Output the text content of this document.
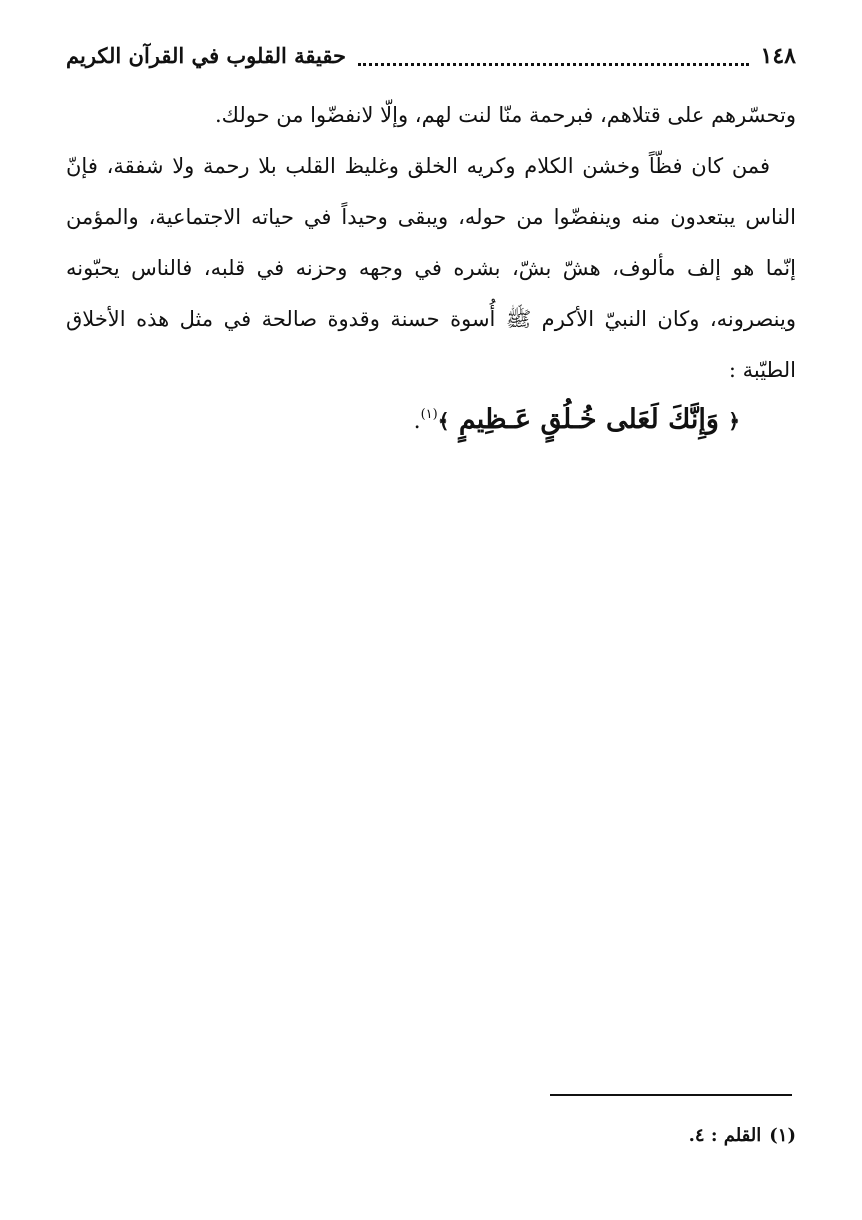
١٤٨
حقيقة القلوب في القرآن الكريم

وتحسّرهم على قتلاهم، فبرحمة منّا لنت لهم، وإلّا لانفضّوا من حولك.

فمن كان فظّاً وخشن الكلام وكريه الخلق وغليظ القلب بلا رحمة ولا شفقة، فإنّ الناس يبتعدون منه وينفضّوا من حوله، ويبقى وحيداً في حياته الاجتماعية، والمؤمن إنّما هو إلف مألوف، هشّ بشّ، بشره في وجهه وحزنه في قلبه، فالناس يحبّونه وينصرونه، وكان النبيّ الأكرم ﷺ أُسوة حسنة وقدوة صالحة في مثل هذه الأخلاق الطيّبة :

﴿ وَإِنَّكَ لَعَلى خُـلُقٍ عَـظِيمٍ ﴾$^{(١)}$.
(١)القلم : ٤.
